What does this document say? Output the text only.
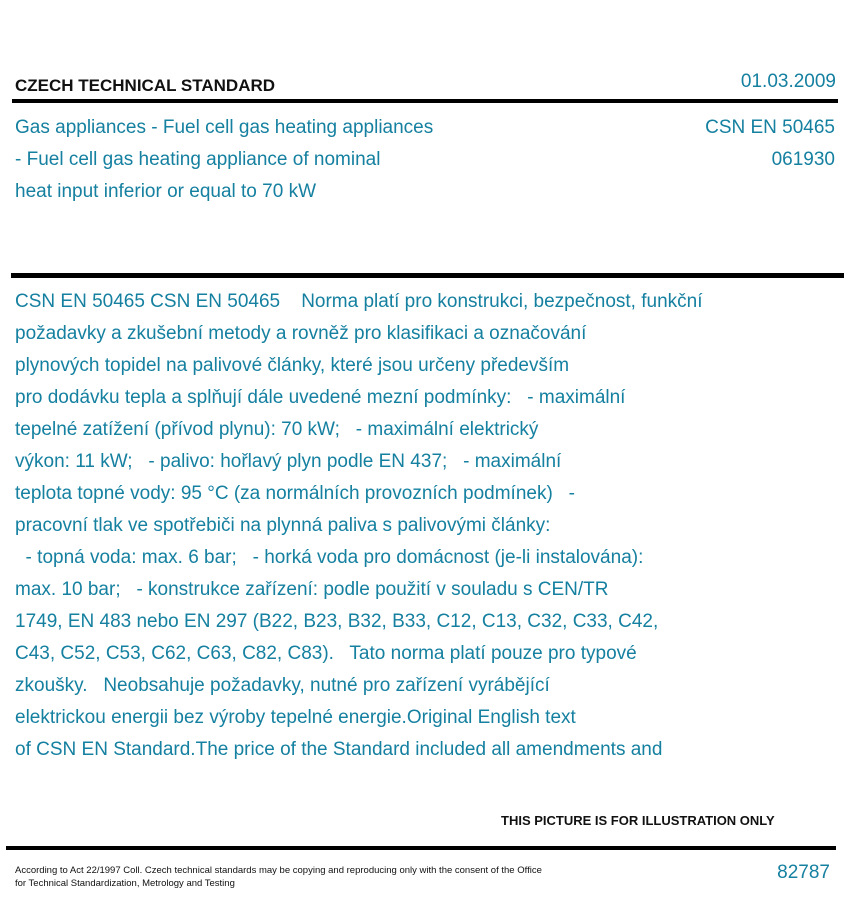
CZECH TECHNICAL STANDARD	01.03.2009
Gas appliances - Fuel cell gas heating appliances
- Fuel cell gas heating appliance of nominal
heat input inferior or equal to 70 kW
CSN EN 50465
061930
CSN EN 50465 CSN EN 50465    Norma platí pro konstrukci, bezpečnost, funkční
požadavky a zkušební metody a rovněž pro klasifikaci a označování
plynových topidel na palivové články, které jsou určeny především
pro dodávku tepla a splňují dále uvedené mezní podmínky:   - maximální
tepelné zatížení (přívod plynu): 70 kW;   - maximální elektrický
výkon: 11 kW;   - palivo: hořlavý plyn podle EN 437;   - maximální
teplota topné vody: 95 °C (za normálních provozních podmínek)   -
pracovní tlak ve spotřebiči na plynná paliva s palivovými články:
- topná voda: max. 6 bar;   - horká voda pro domácnost (je-li instalována):
max. 10 bar;   - konstrukce zařízení: podle použití v souladu s CEN/TR
1749, EN 483 nebo EN 297 (B22, B23, B32, B33, C12, C13, C32, C33, C42,
C43, C52, C53, C62, C63, C82, C83).   Tato norma platí pouze pro typové
zkoušky.   Neobsahuje požadavky, nutné pro zařízení vyrábějící
elektrickou energii bez výroby tepelné energie.Original English text
of CSN EN Standard.The price of the Standard included all amendments and
THIS PICTURE IS FOR ILLUSTRATION ONLY
According to Act 22/1997 Coll. Czech technical standards may be copying and reproducing only with the consent of the Office
for Technical Standardization, Metrology and Testing
82787
